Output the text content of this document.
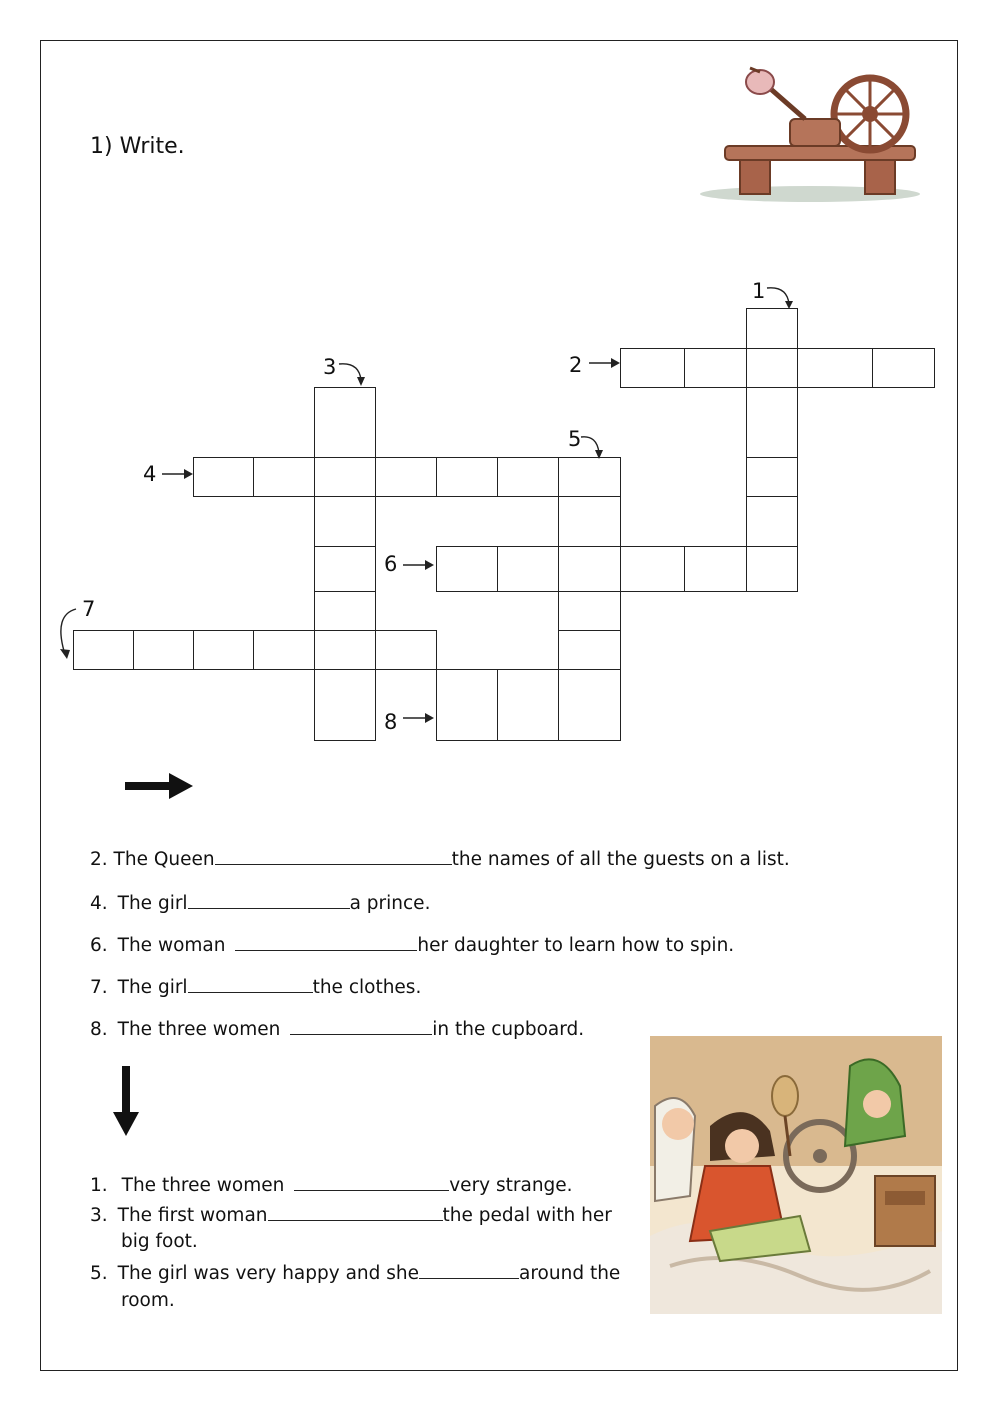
1) Write.
1
2
3
5
4
6
7
8
2. The Queen	the names of all the guests on a list.
4. The girl	a prince.
6. The woman	her daughter to learn how to spin.
7. The girl	the clothes.
8. The three women	in the cupboard.
1. The three women	very strange.
3. The first woman	the pedal with her
big foot.
5. The girl was very happy and she	around the
room.
